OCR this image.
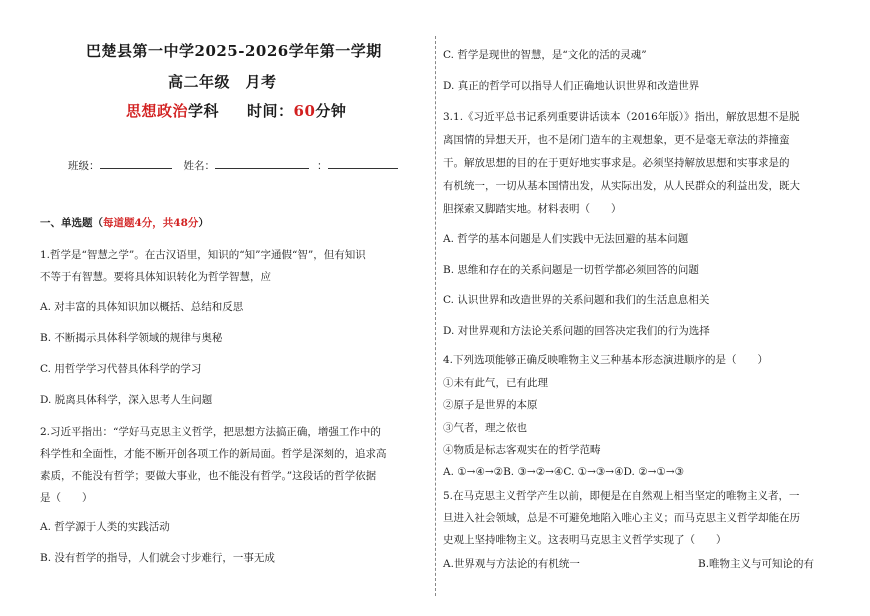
巴楚县第一中学2025-2026学年第一学期
高二年级　月考
思想政治学科 时间：60分钟
班级：	姓名：	：
一、单选题（每道题4分，共48分）
1.哲学是“智慧之学”。在古汉语里，知识的“知”字通假“智”，但有知识
不等于有智慧。要将具体知识转化为哲学智慧，应
A. 对丰富的具体知识加以概括、总结和反思
B. 不断揭示具体科学领域的规律与奥秘
C. 用哲学学习代替具体科学的学习
D. 脱离具体科学，深入思考人生问题
2.习近平指出：“学好马克思主义哲学，把思想方法搞正确，增强工作中的
科学性和全面性，才能不断开创各项工作的新局面。哲学是深刻的，追求高
素质，不能没有哲学；要做大事业，也不能没有哲学。”这段话的哲学依据
是（　　）
A. 哲学源于人类的实践活动
B. 没有哲学的指导，人们就会寸步难行，一事无成
C. 哲学是现世的智慧，是“文化的活的灵魂”
D. 真正的哲学可以指导人们正确地认识世界和改造世界
3.1.《习近平总书记系列重要讲话读本（2016年版）》指出，解放思想不是脱
离国情的异想天开，也不是闭门造车的主观想象，更不是毫无章法的莽撞蛮
干。解放思想的目的在于更好地实事求是。必须坚持解放思想和实事求是的
有机统一，一切从基本国情出发，从实际出发，从人民群众的利益出发，既大
胆探索又脚踏实地。材料表明（　　）
A. 哲学的基本问题是人们实践中无法回避的基本问题
B. 思维和存在的关系问题是一切哲学都必须回答的问题
C. 认识世界和改造世界的关系问题和我们的生活息息相关
D. 对世界观和方法论关系问题的回答决定我们的行为选择
4.下列选项能够正确反映唯物主义三种基本形态演进顺序的是（　　）
①未有此气，已有此理
②原子是世界的本原
③气者，理之依也
④物质是标志客观实在的哲学范畴
A. ①→④→②B. ③→②→④C. ①→③→④D. ②→①→③
5.在马克思主义哲学产生以前，即便是在自然观上相当坚定的唯物主义者，一
旦进入社会领域，总是不可避免地陷入唯心主义；而马克思主义哲学却能在历
史观上坚持唯物主义。这表明马克思主义哲学实现了（　　）
A.世界观与方法论的有机统一	B.唯物主义与可知论的有
